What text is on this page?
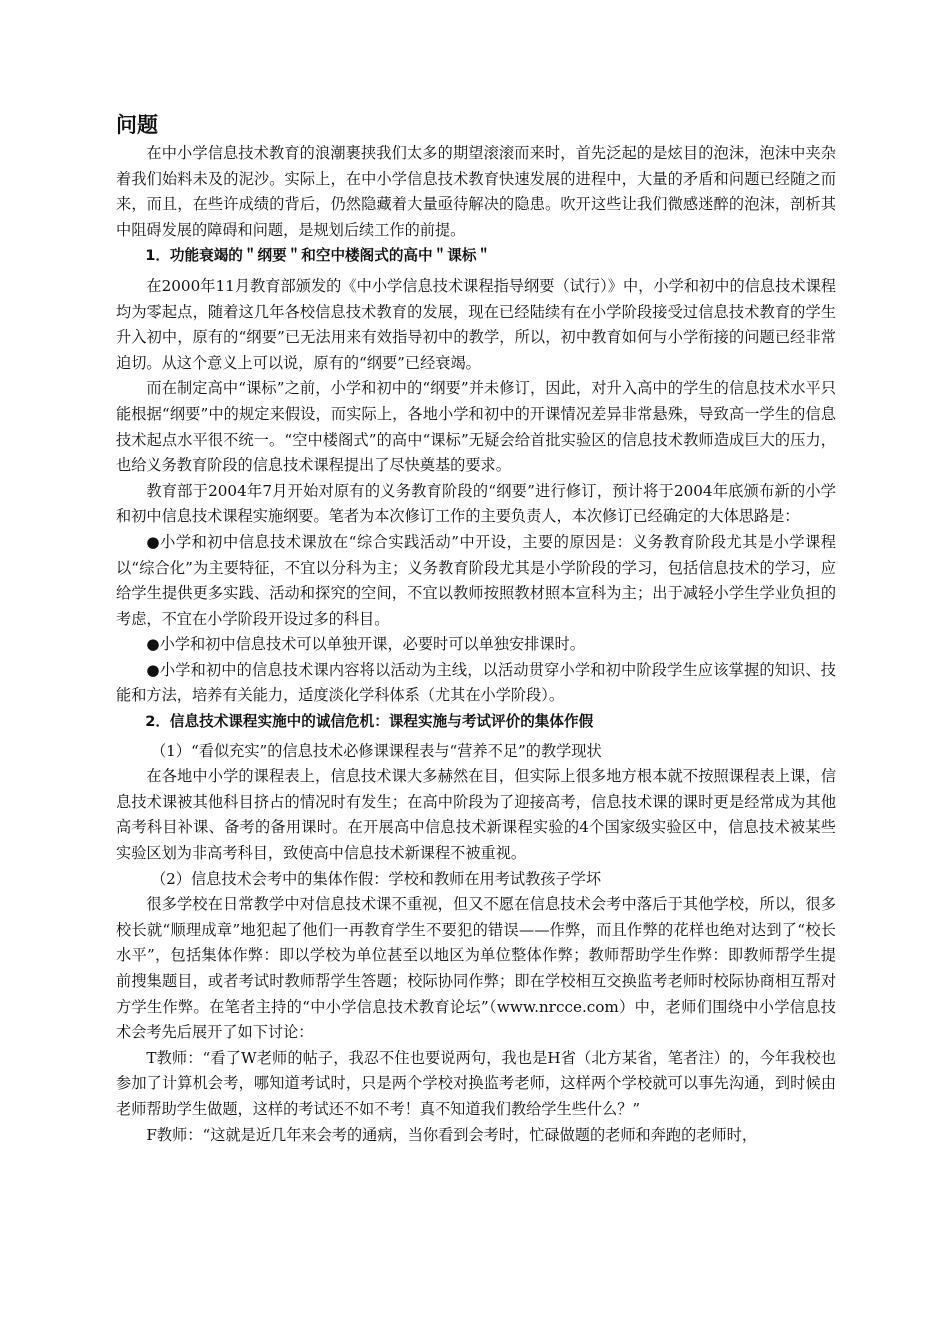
问题

在中小学信息技术教育的浪潮裹挟我们太多的期望滚滚而来时，首先泛起的是炫目的泡沫，泡沫中夹杂着我们始料未及的泥沙。实际上，在中小学信息技术教育快速发展的进程中，大量的矛盾和问题已经随之而来，而且，在些许成绩的背后，仍然隐藏着大量亟待解决的隐患。吹开这些让我们微感迷醉的泡沫，剖析其中阻碍发展的障碍和问题，是规划后续工作的前提。

1．功能衰竭的＂纲要＂和空中楼阁式的高中＂课标＂

在2000年11月教育部颁发的《中小学信息技术课程指导纲要（试行）》中，小学和初中的信息技术课程均为零起点，随着这几年各校信息技术教育的发展，现在已经陆续有在小学阶段接受过信息技术教育的学生升入初中，原有的“纲要”已无法用来有效指导初中的教学，所以，初中教育如何与小学衔接的问题已经非常迫切。从这个意义上可以说，原有的“纲要”已经衰竭。

而在制定高中“课标”之前，小学和初中的“纲要”并未修订，因此，对升入高中的学生的信息技术水平只能根据“纲要”中的规定来假设，而实际上，各地小学和初中的开课情况差异非常悬殊，导致高一学生的信息技术起点水平很不统一。“空中楼阁式”的高中“课标”无疑会给首批实验区的信息技术教师造成巨大的压力，也给义务教育阶段的信息技术课程提出了尽快奠基的要求。

教育部于2004年7月开始对原有的义务教育阶段的“纲要”进行修订，预计将于2004年底颁布新的小学和初中信息技术课程实施纲要。笔者为本次修订工作的主要负责人，本次修订已经确定的大体思路是：

●小学和初中信息技术课放在“综合实践活动”中开设，主要的原因是：义务教育阶段尤其是小学课程以“综合化”为主要特征，不宜以分科为主；义务教育阶段尤其是小学阶段的学习，包括信息技术的学习，应给学生提供更多实践、活动和探究的空间，不宜以教师按照教材照本宣科为主；出于减轻小学生学业负担的考虑，不宜在小学阶段开设过多的科目。

●小学和初中信息技术可以单独开课，必要时可以单独安排课时。

●小学和初中的信息技术课内容将以活动为主线，以活动贯穿小学和初中阶段学生应该掌握的知识、技能和方法，培养有关能力，适度淡化学科体系（尤其在小学阶段）。

2．信息技术课程实施中的诚信危机：课程实施与考试评价的集体作假

（1）“看似充实”的信息技术必修课课程表与“营养不足”的教学现状

在各地中小学的课程表上，信息技术课大多赫然在目，但实际上很多地方根本就不按照课程表上课，信息技术课被其他科目挤占的情况时有发生；在高中阶段为了迎接高考，信息技术课的课时更是经常成为其他高考科目补课、备考的备用课时。在开展高中信息技术新课程实验的4个国家级实验区中，信息技术被某些实验区划为非高考科目，致使高中信息技术新课程不被重视。

（2）信息技术会考中的集体作假：学校和教师在用考试教孩子学坏

很多学校在日常教学中对信息技术课不重视，但又不愿在信息技术会考中落后于其他学校，所以，很多校长就“顺理成章”地犯起了他们一再教育学生不要犯的错误——作弊，而且作弊的花样也绝对达到了“校长水平”，包括集体作弊：即以学校为单位甚至以地区为单位整体作弊；教师帮助学生作弊：即教师帮学生提前搜集题目，或者考试时教师帮学生答题；校际协同作弊；即在学校相互交换监考老师时校际协商相互帮对方学生作弊。在笔者主持的“中小学信息技术教育论坛”（www.nrcce.com）中，老师们围绕中小学信息技术会考先后展开了如下讨论：

T教师：“看了W老师的帖子，我忍不住也要说两句，我也是H省（北方某省，笔者注）的，今年我校也参加了计算机会考，哪知道考试时，只是两个学校对换监考老师，这样两个学校就可以事先沟通，到时候由老师帮助学生做题，这样的考试还不如不考！真不知道我们教给学生些什么？”

F教师：“这就是近几年来会考的通病，当你看到会考时，忙碌做题的老师和奔跑的老师时，
